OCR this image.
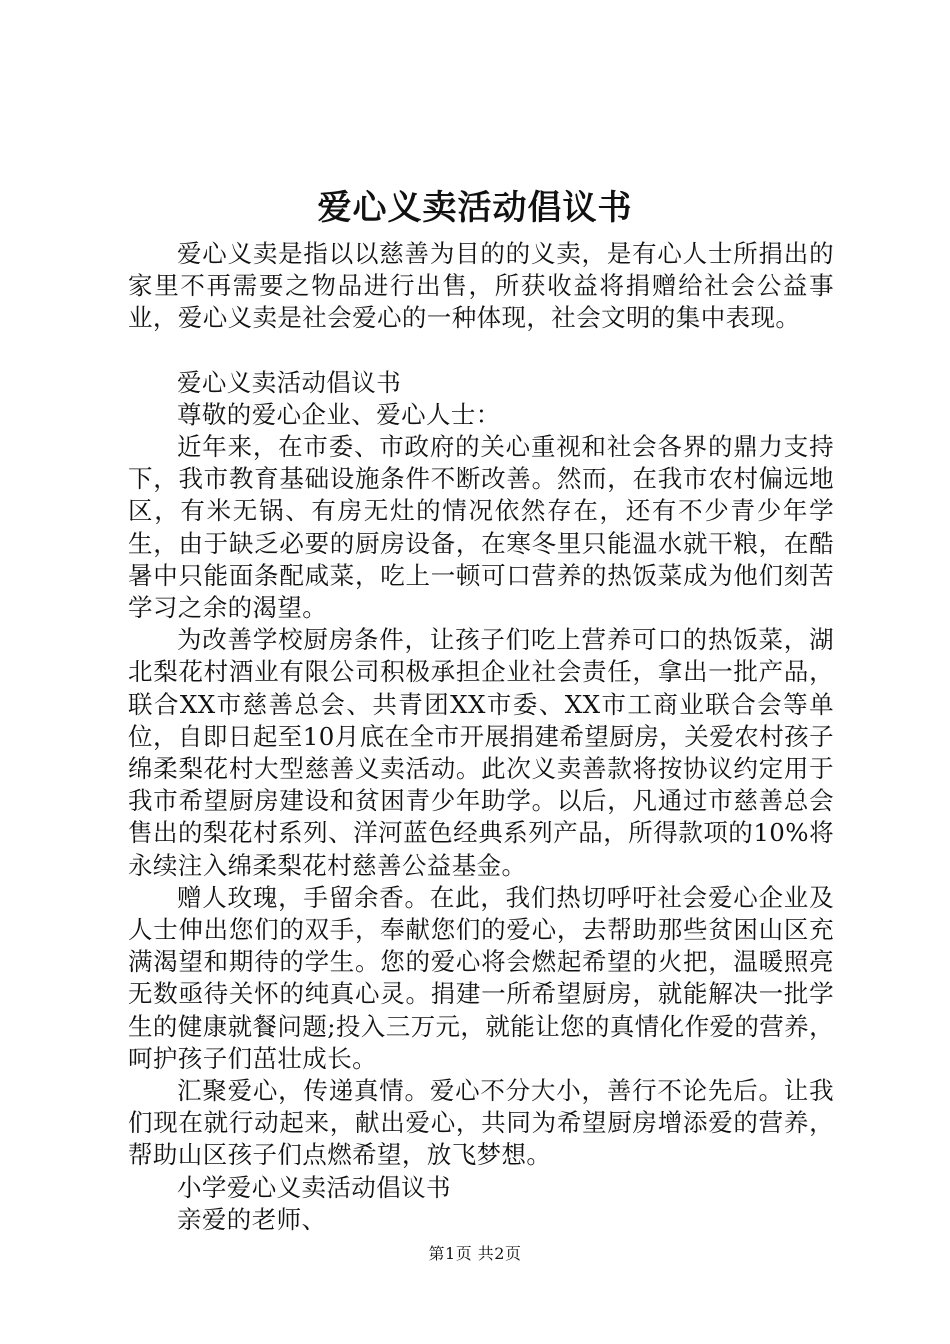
爱心义卖活动倡议书

爱心义卖是指以以慈善为目的的义卖，是有心人士所捐出的家里不再需要之物品进行出售，所获收益将捐赠给社会公益事业，爱心义卖是社会爱心的一种体现，社会文明的集中表现。

爱心义卖活动倡议书

尊敬的爱心企业、爱心人士：

近年来，在市委、市政府的关心重视和社会各界的鼎力支持下，我市教育基础设施条件不断改善。然而，在我市农村偏远地区，有米无锅、有房无灶的情况依然存在，还有不少青少年学生，由于缺乏必要的厨房设备，在寒冬里只能温水就干粮，在酷暑中只能面条配咸菜，吃上一顿可口营养的热饭菜成为他们刻苦学习之余的渴望。

为改善学校厨房条件，让孩子们吃上营养可口的热饭菜，湖北梨花村酒业有限公司积极承担企业社会责任，拿出一批产品，联合XX市慈善总会、共青团XX市委、XX市工商业联合会等单位，自即日起至10月底在全市开展捐建希望厨房，关爱农村孩子绵柔梨花村大型慈善义卖活动。此次义卖善款将按协议约定用于我市希望厨房建设和贫困青少年助学。以后，凡通过市慈善总会售出的梨花村系列、洋河蓝色经典系列产品，所得款项的10%将永续注入绵柔梨花村慈善公益基金。

赠人玫瑰，手留余香。在此，我们热切呼吁社会爱心企业及人士伸出您们的双手，奉献您们的爱心，去帮助那些贫困山区充满渴望和期待的学生。您的爱心将会燃起希望的火把，温暖照亮无数亟待关怀的纯真心灵。捐建一所希望厨房，就能解决一批学生的健康就餐问题;投入三万元，就能让您的真情化作爱的营养，呵护孩子们茁壮成长。

汇聚爱心，传递真情。爱心不分大小，善行不论先后。让我们现在就行动起来，献出爱心，共同为希望厨房增添爱的营养，帮助山区孩子们点燃希望，放飞梦想。

小学爱心义卖活动倡议书

亲爱的老师、

第1页 共2页
